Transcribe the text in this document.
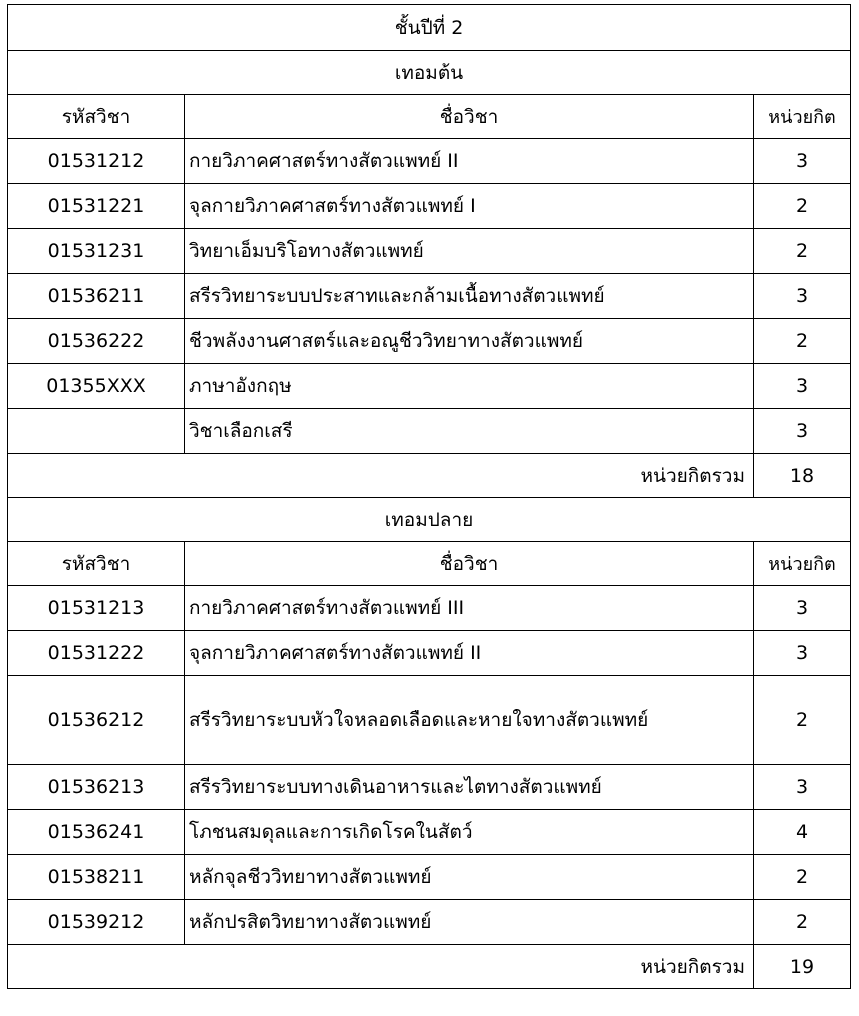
ชั้นปีที่ 2		
เทอมต้น		
รหัสวิชา	ชื่อวิชา	หน่วยกิต
01531212	กายวิภาคศาสตร์ทางสัตวแพทย์ II	3
01531221	จุลกายวิภาคศาสตร์ทางสัตวแพทย์ I	2
01531231	วิทยาเอ็มบริโอทางสัตวแพทย์	2
01536211	สรีรวิทยาระบบประสาทและกล้ามเนื้อทางสัตวแพทย์	3
01536222	ชีวพลังงานศาสตร์และอณูชีววิทยาทางสัตวแพทย์	2
01355XXX	ภาษาอังกฤษ	3
	วิชาเลือกเสรี	3
หน่วยกิตรวม		18
เทอมปลาย		
รหัสวิชา	ชื่อวิชา	หน่วยกิต
01531213	กายวิภาคศาสตร์ทางสัตวแพทย์ III	3
01531222	จุลกายวิภาคศาสตร์ทางสัตวแพทย์ II	3
01536212	สรีรวิทยาระบบหัวใจหลอดเลือดและหายใจทางสัตวแพทย์	2
01536213	สรีรวิทยาระบบทางเดินอาหารและไตทางสัตวแพทย์	3
01536241	โภชนสมดุลและการเกิดโรคในสัตว์	4
01538211	หลักจุลชีววิทยาทางสัตวแพทย์	2
01539212	หลักปรสิตวิทยาทางสัตวแพทย์	2
หน่วยกิตรวม		19
